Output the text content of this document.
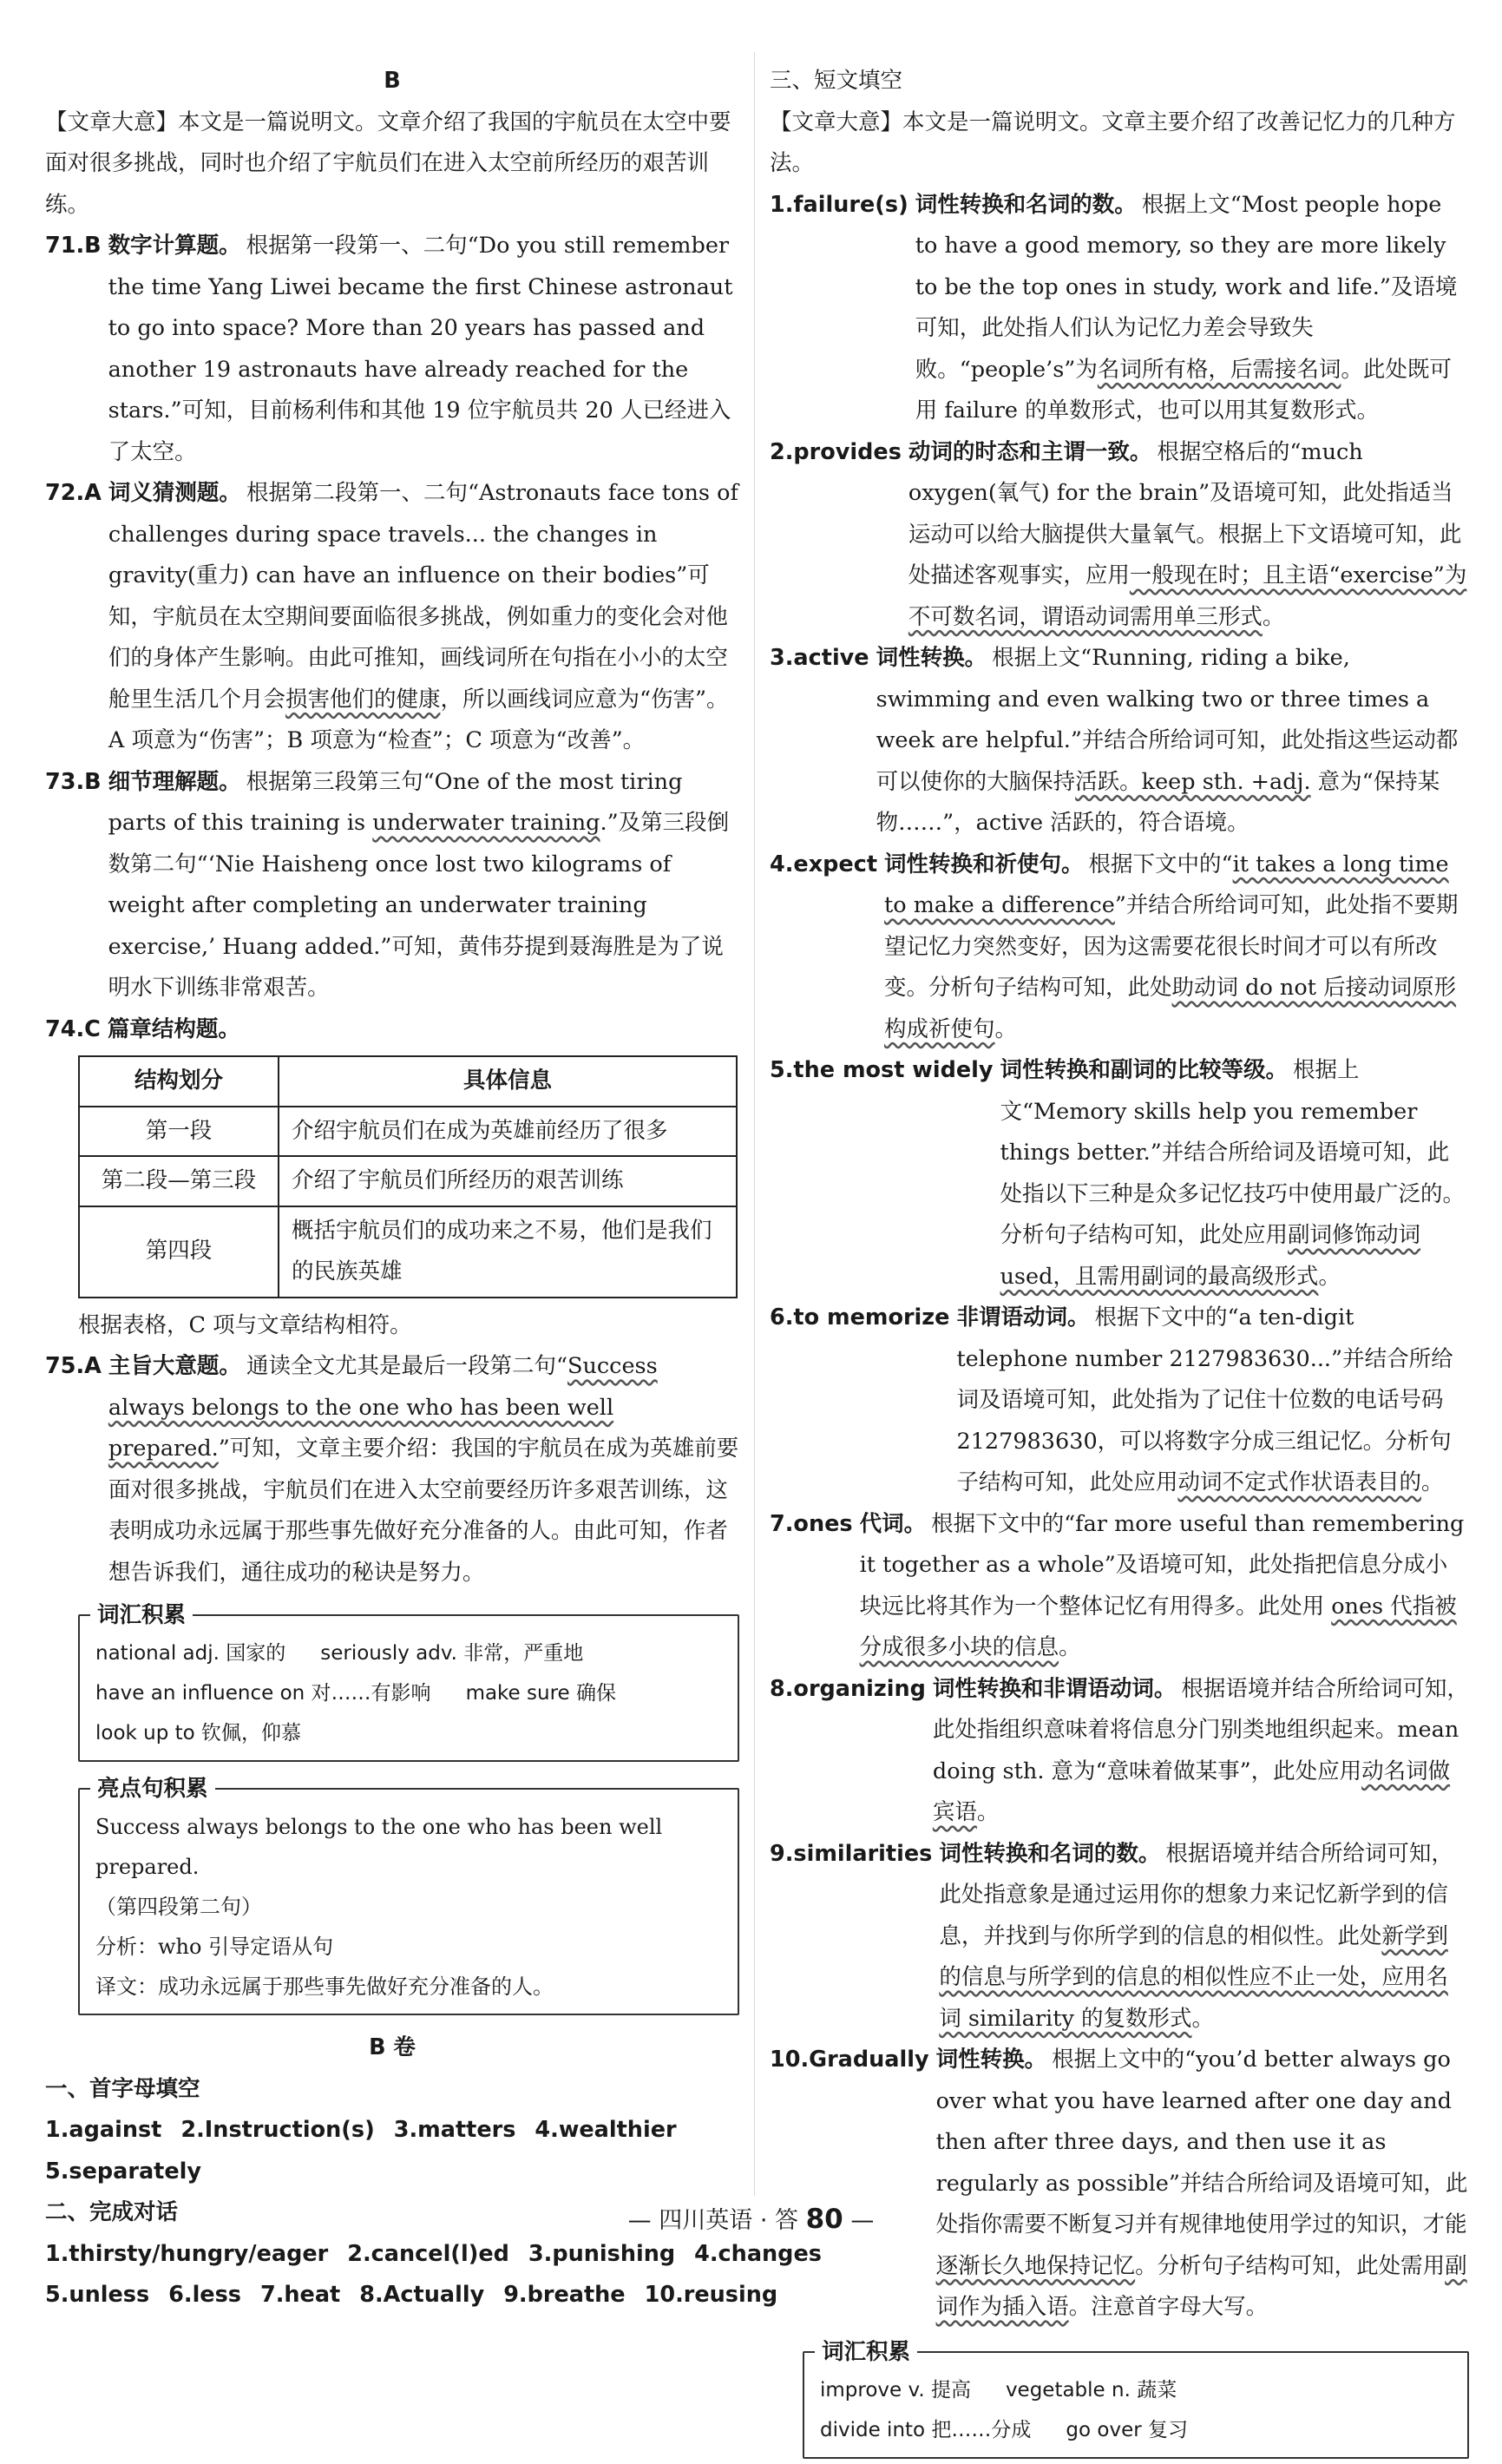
B

【文章大意】本文是一篇说明文。文章介绍了我国的宇航员在太空中要面对很多挑战，同时也介绍了宇航员们在进入太空前所经历的艰苦训练。

71.B 数字计算题。 根据第一段第一、二句“Do you still remember the time Yang Liwei became the first Chinese astronaut to go into space? More than 20 years has passed and another 19 astronauts have already reached for the stars.”可知，目前杨利伟和其他 19 位宇航员共 20 人已经进入了太空。
72.A 词义猜测题。 根据第二段第一、二句“Astronauts face tons of challenges during space travels... the changes in gravity(重力) can have an influence on their bodies”可知，宇航员在太空期间要面临很多挑战，例如重力的变化会对他们的身体产生影响。由此可推知，画线词所在句指在小小的太空舱里生活几个月会损害他们的健康，所以画线词应意为“伤害”。A 项意为“伤害”；B 项意为“检查”；C 项意为“改善”。
73.B 细节理解题。 根据第三段第三句“One of the most tiring parts of this training is underwater training.”及第三段倒数第二句“‘Nie Haisheng once lost two kilograms of weight after completing an underwater training exercise,’ Huang added.”可知，黄伟芬提到聂海胜是为了说明水下训练非常艰苦。
74.C 篇章结构题。
结构划分	具体信息
第一段	介绍宇航员们在成为英雄前经历了很多
第二段—第三段	介绍了宇航员们所经历的艰苦训练
第四段	概括宇航员们的成功来之不易，他们是我们的民族英雄

根据表格，C 项与文章结构相符。

75.A 主旨大意题。 通读全文尤其是最后一段第二句“Success always belongs to the one who has been well prepared.”可知，文章主要介绍：我国的宇航员在成为英雄前要面对很多挑战，宇航员们在进入太空前要经历许多艰苦训练，这表明成功永远属于那些事先做好充分准备的人。由此可知，作者想告诉我们，通往成功的秘诀是努力。
词汇积累
national adj. 国家的 seriously adv. 非常，严重地
have an influence on 对……有影响 make sure 确保
look up to 钦佩，仰慕
亮点句积累
Success always belongs to the one who has been well prepared.
（第四段第二句）
分析：who 引导定语从句
译文：成功永远属于那些事先做好充分准备的人。

B 卷

一、首字母填空

1.against 2.Instruction(s) 3.matters 4.wealthier

5.separately

二、完成对话

1.thirsty/hungry/eager 2.cancel(l)ed 3.punishing 4.changes

5.unless 6.less 7.heat 8.Actually 9.breathe 10.reusing

三、短文填空

【文章大意】本文是一篇说明文。文章主要介绍了改善记忆力的几种方法。

1.failure(s) 词性转换和名词的数。 根据上文“Most people hope to have a good memory, so they are more likely to be the top ones in study, work and life.”及语境可知，此处指人们认为记忆力差会导致失败。“people’s”为名词所有格，后需接名词。此处既可用 failure 的单数形式，也可以用其复数形式。
2.provides 动词的时态和主谓一致。 根据空格后的“much oxygen(氧气) for the brain”及语境可知，此处指适当运动可以给大脑提供大量氧气。根据上下文语境可知，此处描述客观事实，应用一般现在时；且主语“exercise”为不可数名词，谓语动词需用单三形式。
3.active 词性转换。 根据上文“Running, riding a bike, swimming and even walking two or three times a week are helpful.”并结合所给词可知，此处指这些运动都可以使你的大脑保持活跃。keep sth. +adj. 意为“保持某物……”，active 活跃的，符合语境。
4.expect 词性转换和祈使句。 根据下文中的“it takes a long time to make a difference”并结合所给词可知，此处指不要期望记忆力突然变好，因为这需要花很长时间才可以有所改变。分析句子结构可知，此处助动词 do not 后接动词原形构成祈使句。
5.the most widely 词性转换和副词的比较等级。 根据上文“Memory skills help you remember things better.”并结合所给词及语境可知，此处指以下三种是众多记忆技巧中使用最广泛的。分析句子结构可知，此处应用副词修饰动词 used，且需用副词的最高级形式。
6.to memorize 非谓语动词。 根据下文中的“a ten-digit telephone number 2127983630...”并结合所给词及语境可知，此处指为了记住十位数的电话号码 2127983630，可以将数字分成三组记忆。分析句子结构可知，此处应用动词不定式作状语表目的。
7.ones 代词。 根据下文中的“far more useful than remembering it together as a whole”及语境可知，此处指把信息分成小块远比将其作为一个整体记忆有用得多。此处用 ones 代指被分成很多小块的信息。
8.organizing 词性转换和非谓语动词。 根据语境并结合所给词可知，此处指组织意味着将信息分门别类地组织起来。mean doing sth. 意为“意味着做某事”，此处应用动名词做宾语。
9.similarities 词性转换和名词的数。 根据语境并结合所给词可知，此处指意象是通过运用你的想象力来记忆新学到的信息，并找到与你所学到的信息的相似性。此处新学到的信息与所学到的信息的相似性应不止一处，应用名词 similarity 的复数形式。
10.Gradually 词性转换。 根据上文中的“you’d better always go over what you have learned after one day and then after three days, and then use it as regularly as possible”并结合所给词及语境可知，此处指你需要不断复习并有规律地使用学过的知识，才能逐渐长久地保持记忆。分析句子结构可知，此处需用副词作为插入语。注意首字母大写。
词汇积累
improve v. 提高 vegetable n. 蔬菜
divide into 把……分成 go over 复习
— 四川英语 · 答 80 —
